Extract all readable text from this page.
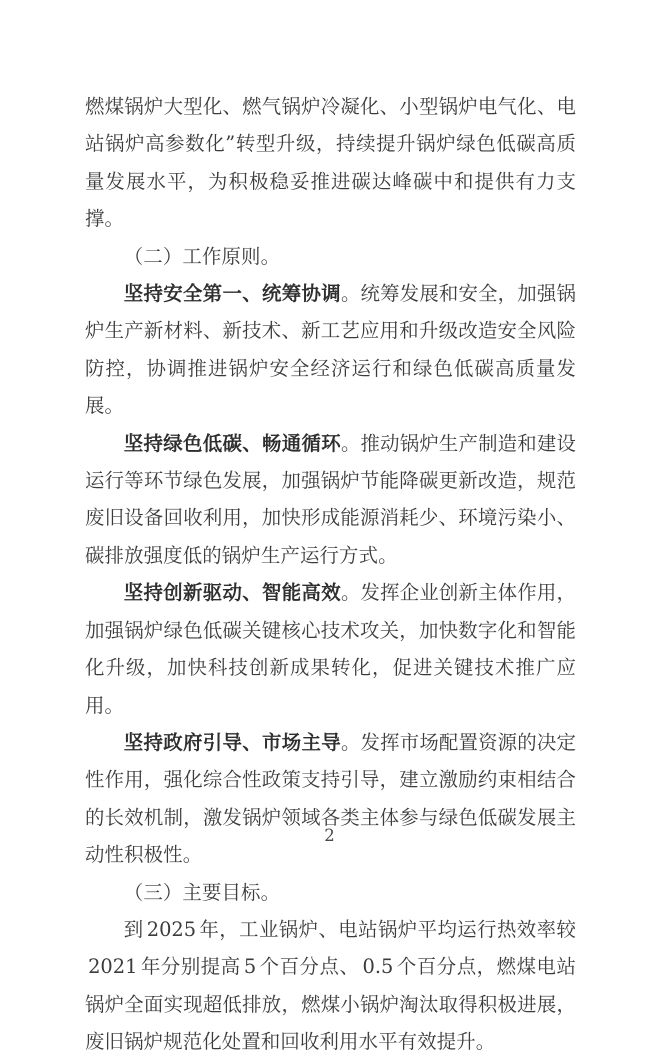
燃煤锅炉大型化、燃气锅炉冷凝化、小型锅炉电气化、电站锅炉高参数化”转型升级，持续提升锅炉绿色低碳高质量发展水平，为积极稳妥推进碳达峰碳中和提供有力支撑。

（二）工作原则。

坚持安全第一、统筹协调。统筹发展和安全，加强锅炉生产新材料、新技术、新工艺应用和升级改造安全风险防控，协调推进锅炉安全经济运行和绿色低碳高质量发展。

坚持绿色低碳、畅通循环。推动锅炉生产制造和建设运行等环节绿色发展，加强锅炉节能降碳更新改造，规范废旧设备回收利用，加快形成能源消耗少、环境污染小、碳排放强度低的锅炉生产运行方式。

坚持创新驱动、智能高效。发挥企业创新主体作用，加强锅炉绿色低碳关键核心技术攻关，加快数字化和智能化升级，加快科技创新成果转化，促进关键技术推广应用。

坚持政府引导、市场主导。发挥市场配置资源的决定性作用，强化综合性政策支持引导，建立激励约束相结合的长效机制，激发锅炉领域各类主体参与绿色低碳发展主动性积极性。

（三）主要目标。

到 2025 年，工业锅炉、电站锅炉平均运行热效率较2021 年分别提高 5 个百分点、 0.5 个百分点，燃煤电站锅炉全面实现超低排放，燃煤小锅炉淘汰取得积极进展，废旧锅炉规范化处置和回收利用水平有效提升。

2
